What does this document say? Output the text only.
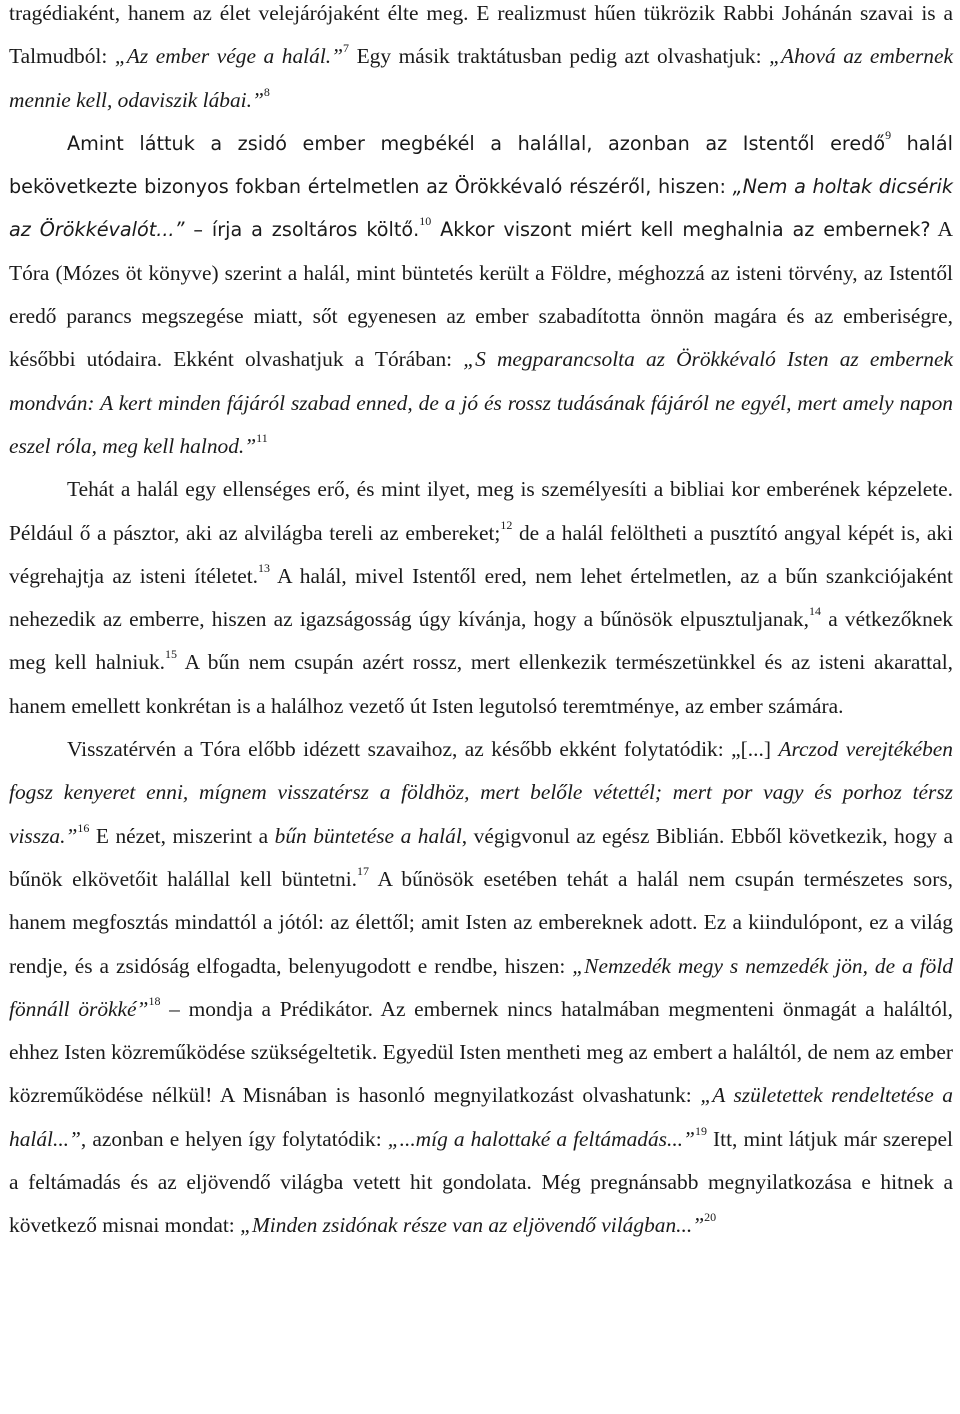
tragédiaként, hanem az élet velejárójaként élte meg. E realizmust hűen tükrözik Rabbi Johánán szavai is a Talmudból: „Az ember vége a halál.”$^7$ Egy másik traktátusban pedig azt olvashatjuk: „Ahová az embernek mennie kell, odaviszik lábai.”$^8$

Amint láttuk a zsidó ember megbékél a halállal, azonban az Istentől eredő$^9$ halál bekövetkezte bizonyos fokban értelmetlen az Örökkévaló részéről, hiszen: „Nem a holtak dicsérik az Örökkévalót...” – írja a zsoltáros költő.$^{10}$ Akkor viszont miért kell meghalnia az embernek? A Tóra (Mózes öt könyve) szerint a halál, mint büntetés került a Földre, méghozzá az isteni törvény, az Istentől eredő parancs megszegése miatt, sőt egyenesen az ember szabadította önnön magára és az emberiségre, későbbi utódaira. Ekként olvashatjuk a Tórában: „S megparancsolta az Örökkévaló Isten az embernek mondván: A kert minden fájáról szabad enned, de a jó és rossz tudásának fájáról ne egyél, mert amely napon eszel róla, meg kell halnod.”$^{11}$

Tehát a halál egy ellenséges erő, és mint ilyet, meg is személyesíti a bibliai kor emberének képzelete. Például ő a pásztor, aki az alvilágba tereli az embereket;$^{12}$ de a halál felöltheti a pusztító angyal képét is, aki végrehajtja az isteni ítéletet.$^{13}$ A halál, mivel Istentől ered, nem lehet értelmetlen, az a bűn szankciójaként nehezedik az emberre, hiszen az igazságosság úgy kívánja, hogy a bűnösök elpusztuljanak,$^{14}$ a vétkezőknek meg kell halniuk.$^{15}$ A bűn nem csupán azért rossz, mert ellenkezik természetünkkel és az isteni akarattal, hanem emellett konkrétan is a halálhoz vezető út Isten legutolsó teremtménye, az ember számára.

Visszatérvén a Tóra előbb idézett szavaihoz, az később ekként folytatódik: „[...] Arczod verejtékében fogsz kenyeret enni, mígnem visszatérsz a földhöz, mert belőle vétettél; mert por vagy és porhoz térsz vissza.”$^{16}$ E nézet, miszerint a bűn büntetése a halál, végigvonul az egész Biblián. Ebből következik, hogy a bűnök elkövetőit halállal kell büntetni.$^{17}$ A bűnösök esetében tehát a halál nem csupán természetes sors, hanem megfosztás mindattól a jótól: az élettől; amit Isten az embereknek adott. Ez a kiindulópont, ez a világ rendje, és a zsidóság elfogadta, belenyugodott e rendbe, hiszen: „Nemzedék megy s nemzedék jön, de a föld fönnáll örökké”$^{18}$ – mondja a Prédikátor. Az embernek nincs hatalmában megmenteni önmagát a haláltól, ehhez Isten közreműködése szükségeltetik. Egyedül Isten mentheti meg az embert a haláltól, de nem az ember közreműködése nélkül! A Misnában is hasonló megnyilatkozást olvashatunk: „A születettek rendeltetése a halál...”, azonban e helyen így folytatódik: „...míg a halottaké a feltámadás...”$^{19}$ Itt, mint látjuk már szerepel a feltámadás és az eljövendő világba vetett hit gondolata. Még pregnánsabb megnyilatkozása e hitnek a következő misnai mondat: „Minden zsidónak része van az eljövendő világban...”$^{20}$
